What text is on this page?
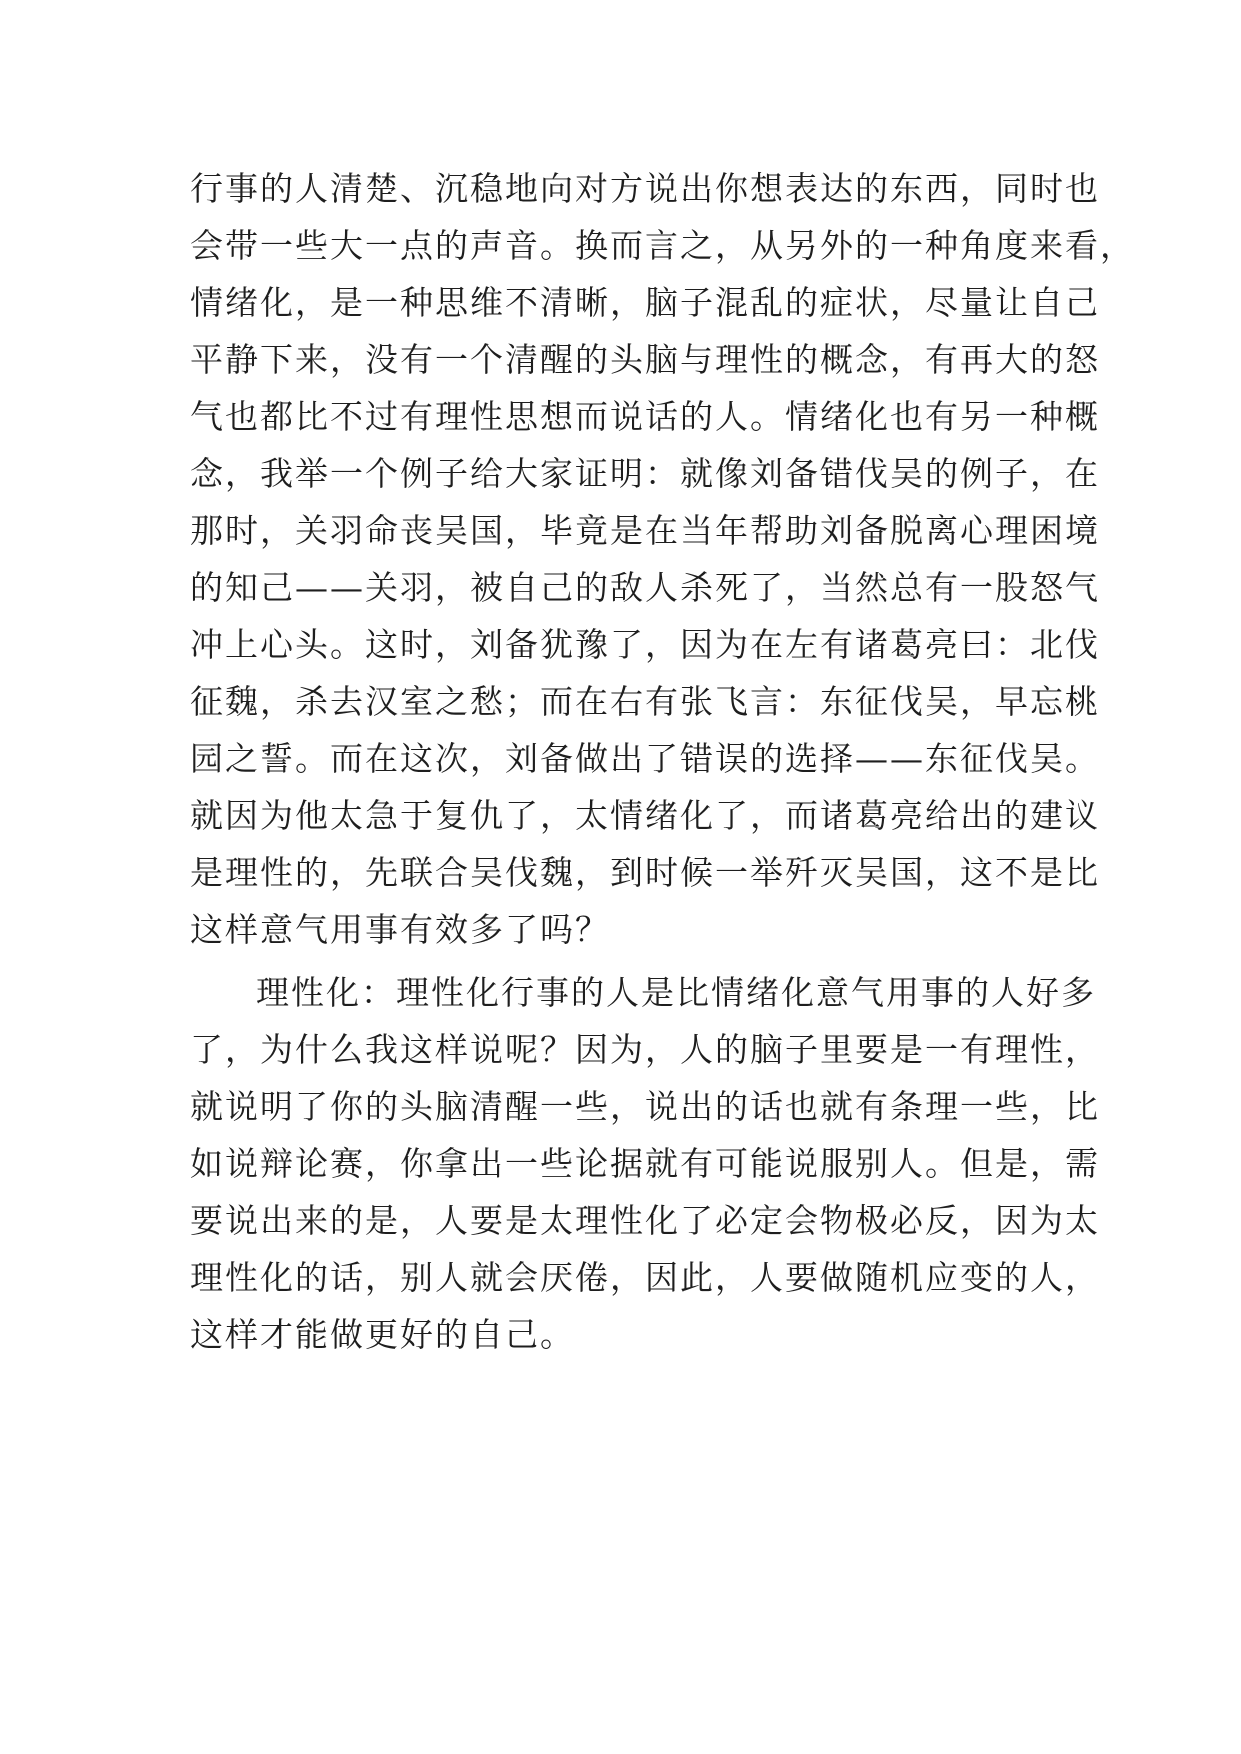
行事的人清楚、沉稳地向对方说出你想表达的东西，同时也
会带一些大一点的声音。换而言之，从另外的一种角度来看，
情绪化，是一种思维不清晰，脑子混乱的症状，尽量让自己
平静下来，没有一个清醒的头脑与理性的概念，有再大的怒
气也都比不过有理性思想而说话的人。情绪化也有另一种概
念，我举一个例子给大家证明：就像刘备错伐吴的例子，在
那时，关羽命丧吴国，毕竟是在当年帮助刘备脱离心理困境
的知己——关羽，被自己的敌人杀死了，当然总有一股怒气
冲上心头。这时，刘备犹豫了，因为在左有诸葛亮曰：北伐
征魏，杀去汉室之愁；而在右有张飞言：东征伐吴，早忘桃
园之誓。而在这次，刘备做出了错误的选择——东征伐吴。
就因为他太急于复仇了，太情绪化了，而诸葛亮给出的建议
是理性的，先联合吴伐魏，到时候一举歼灭吴国，这不是比
这样意气用事有效多了吗？
理性化：理性化行事的人是比情绪化意气用事的人好多
了，为什么我这样说呢？因为，人的脑子里要是一有理性，
就说明了你的头脑清醒一些，说出的话也就有条理一些，比
如说辩论赛，你拿出一些论据就有可能说服别人。但是，需
要说出来的是，人要是太理性化了必定会物极必反，因为太
理性化的话，别人就会厌倦，因此，人要做随机应变的人，
这样才能做更好的自己。
